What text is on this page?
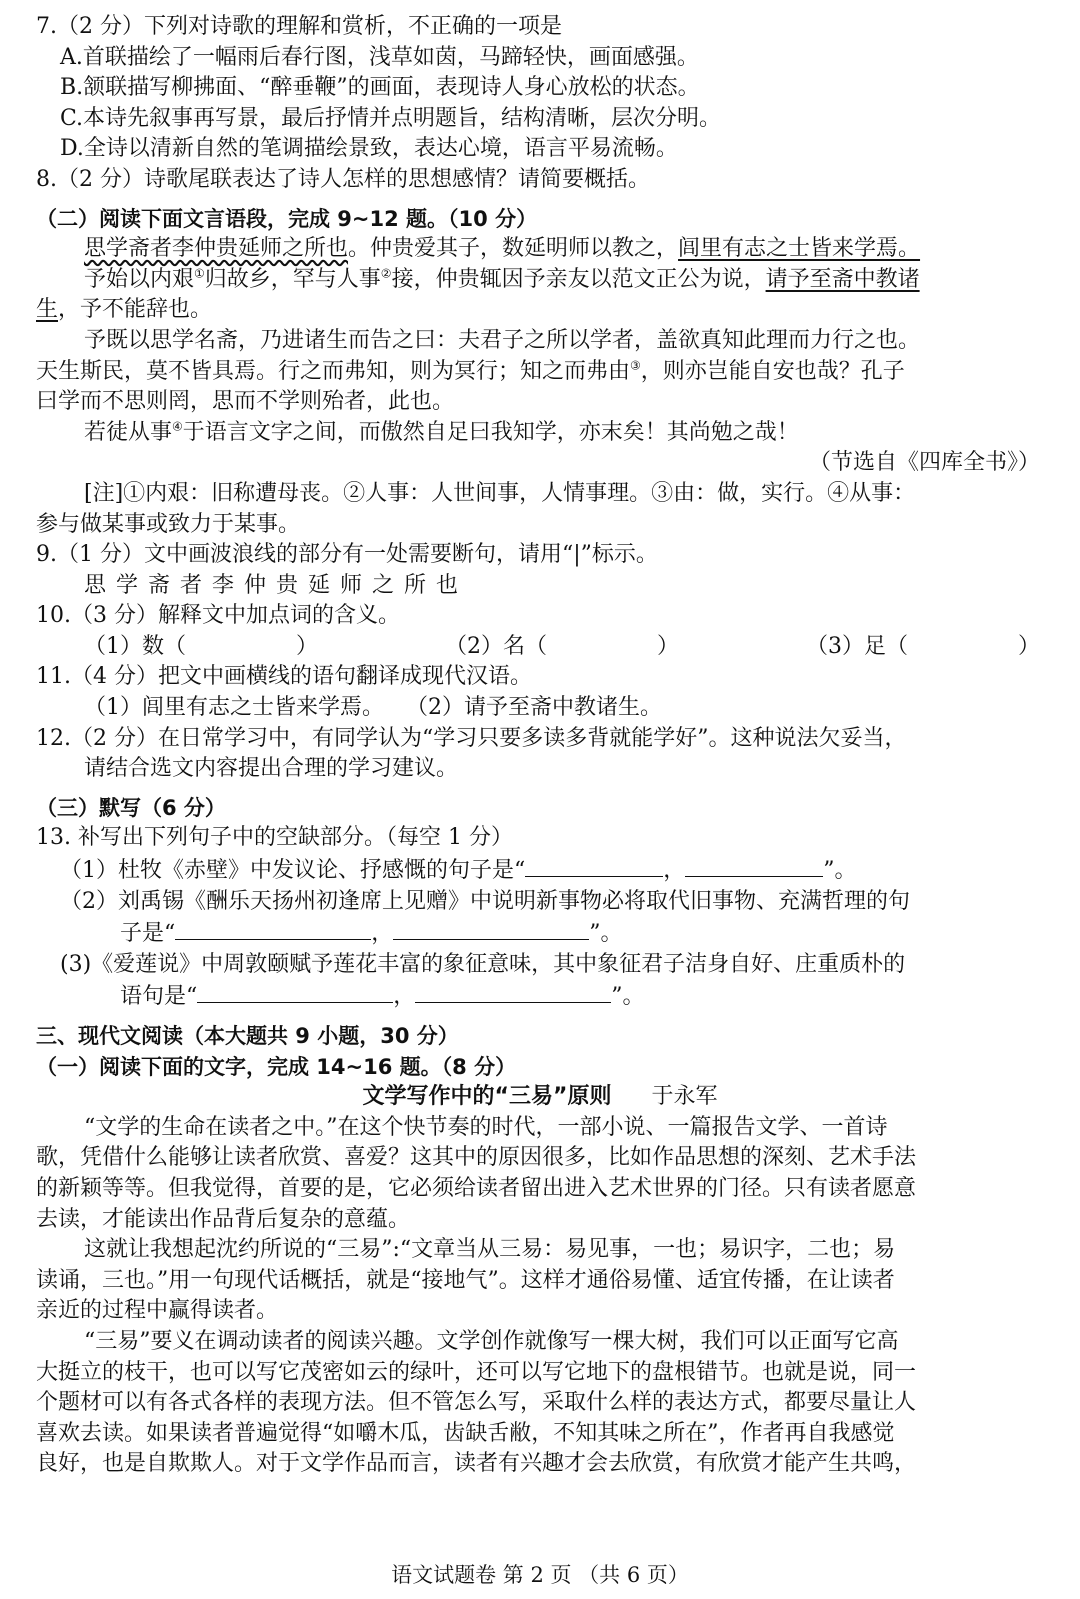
7.（2 分）下列对诗歌的理解和赏析，不正确的一项是
A.首联描绘了一幅雨后春行图，浅草如茵，马蹄轻快，画面感强。
B.颔联描写柳拂面、“醉垂鞭”的画面，表现诗人身心放松的状态。
C.本诗先叙事再写景，最后抒情并点明题旨，结构清晰，层次分明。
D.全诗以清新自然的笔调描绘景致，表达心境，语言平易流畅。
8.（2 分）诗歌尾联表达了诗人怎样的思想感情？请简要概括。
（二）阅读下面文言语段，完成 9~12 题。（10 分）
思学斋者李仲贵延师之所也。仲贵爱其子，数延明师以教之，闾里有志之士皆来学焉。
予始以内艰①归故乡，罕与人事②接，仲贵辄因予亲友以范文正公为说，请予至斋中教诸
生，予不能辞也。
予既以思学名斋，乃进诸生而告之曰：夫君子之所以学者，盖欲真知此理而力行之也。
天生斯民，莫不皆具焉。行之而弗知，则为冥行；知之而弗由③，则亦岂能自安也哉？孔子
曰学而不思则罔，思而不学则殆者，此也。
若徒从事④于语言文字之间，而傲然自足曰我知学，亦末矣！其尚勉之哉！
（节选自《四库全书》）
[注]①内艰：旧称遭母丧。②人事：人世间事，人情事理。③由：做，实行。④从事：
参与做某事或致力于某事。
9.（1 分）文中画波浪线的部分有一处需要断句，请用“|”标示。
思学斋者李仲贵延师之所也
10.（3 分）解释文中加点词的含义。
（1）数（　　　　　）	（2）名（　　　　　）	（3）足（　　　　　）
11.（4 分）把文中画横线的语句翻译成现代汉语。
（1）闾里有志之士皆来学焉。　　（2）请予至斋中教诸生。
12.（2 分）在日常学习中，有同学认为“学习只要多读多背就能学好”。这种说法欠妥当，
请结合选文内容提出合理的学习建议。
（三）默写（6 分）
13. 补写出下列句子中的空缺部分。（每空 1 分）
（1）杜牧《赤壁》中发议论、抒感慨的句子是“	，	”。
（2）刘禹锡《酬乐天扬州初逢席上见赠》中说明新事物必将取代旧事物、充满哲理的句
子是“	，	”。
(3)《爱莲说》中周敦颐赋予莲花丰富的象征意味，其中象征君子洁身自好、庄重质朴的
语句是“	，	”。
三、现代文阅读（本大题共 9 小题，30 分）
（一）阅读下面的文字，完成 14~16 题。（8 分）
文学写作中的“三易”原则 于永军
“文学的生命在读者之中。”在这个快节奏的时代，一部小说、一篇报告文学、一首诗
歌，凭借什么能够让读者欣赏、喜爱？这其中的原因很多，比如作品思想的深刻、艺术手法
的新颖等等。但我觉得，首要的是，它必须给读者留出进入艺术世界的门径。只有读者愿意
去读，才能读出作品背后复杂的意蕴。
这就让我想起沈约所说的“三易”:“文章当从三易：易见事，一也；易识字，二也；易
读诵，三也。”用一句现代话概括，就是“接地气”。这样才通俗易懂、适宜传播，在让读者
亲近的过程中赢得读者。
“三易”要义在调动读者的阅读兴趣。文学创作就像写一棵大树，我们可以正面写它高
大挺立的枝干，也可以写它茂密如云的绿叶，还可以写它地下的盘根错节。也就是说，同一
个题材可以有各式各样的表现方法。但不管怎么写，采取什么样的表达方式，都要尽量让人
喜欢去读。如果读者普遍觉得“如嚼木瓜，齿缺舌敝，不知其味之所在”，作者再自我感觉
良好，也是自欺欺人。对于文学作品而言，读者有兴趣才会去欣赏，有欣赏才能产生共鸣，
语文试题卷 第 2 页 （共 6 页）
